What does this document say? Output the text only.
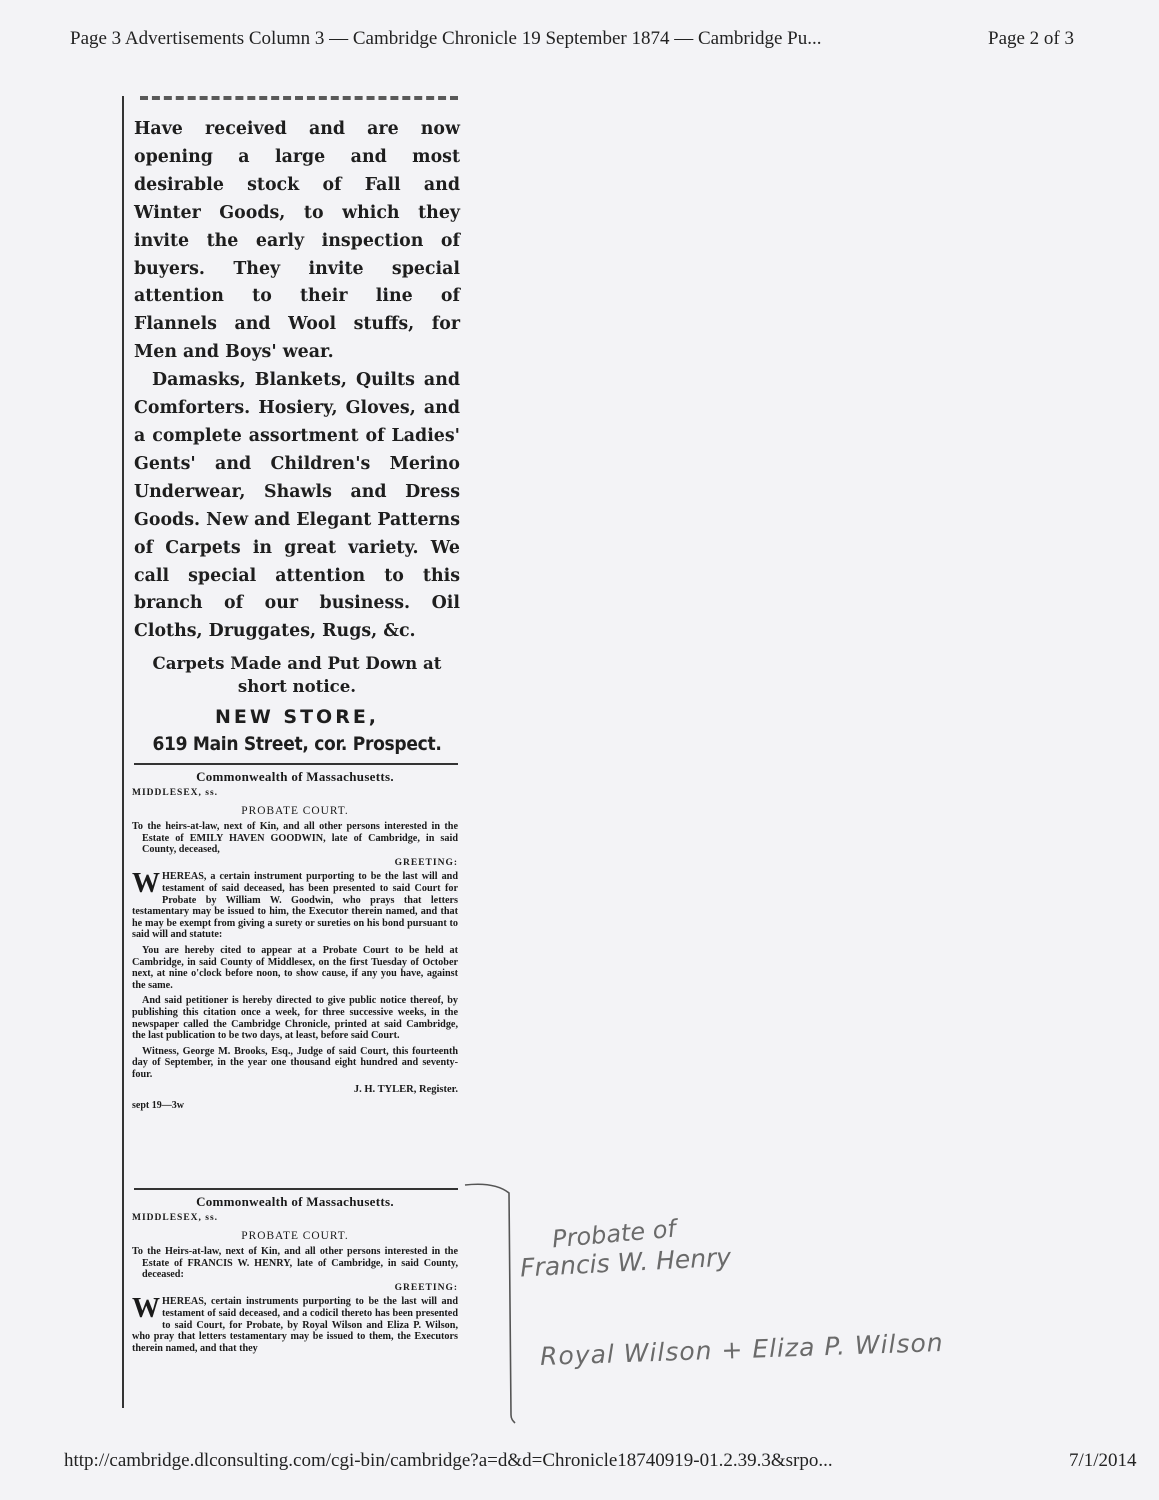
Page 3 Advertisements Column 3 — Cambridge Chronicle 19 September 1874 — Cambridge Pu...	Page 2 of 3

Have received and are now opening a large and most desirable stock of Fall and Winter Goods, to which they invite the early inspection of buyers. They invite special attention to their line of Flannels and Wool stuffs, for Men and Boys' wear.

Damasks, Blankets, Quilts and Comforters. Hosiery, Gloves, and a complete assortment of Ladies' Gents' and Children's Merino Underwear, Shawls and Dress Goods. New and Elegant Patterns of Carpets in great variety. We call special attention to this branch of our business. Oil Cloths, Druggates, Rugs, &c.

Carpets Made and Put Down at

short notice.

NEW STORE,

619 Main Street, cor. Prospect.

Commonwealth of Massachusetts.

MIDDLESEX, ss.

PROBATE COURT.

To the heirs-at-law, next of Kin, and all other persons interested in the Estate of EMILY HAVEN GOODWIN, late of Cambridge, in said County, deceased,

GREETING:

WHEREAS, a certain instrument purporting to be the last will and testament of said deceased, has been presented to said Court for Probate by William W. Goodwin, who prays that letters testamentary may be issued to him, the Executor therein named, and that he may be exempt from giving a surety or sureties on his bond pursuant to said will and statute:

You are hereby cited to appear at a Probate Court to be held at Cambridge, in said County of Middlesex, on the first Tuesday of October next, at nine o'clock before noon, to show cause, if any you have, against the same.

And said petitioner is hereby directed to give public notice thereof, by publishing this citation once a week, for three successive weeks, in the newspaper called the Cambridge Chronicle, printed at said Cambridge, the last publication to be two days, at least, before said Court.

Witness, George M. Brooks, Esq., Judge of said Court, this fourteenth day of September, in the year one thousand eight hundred and seventy-four.

J. H. TYLER, Register.

sept 19—3w

Commonwealth of Massachusetts.

MIDDLESEX, ss.

PROBATE COURT.

To the Heirs-at-law, next of Kin, and all other persons interested in the Estate of FRANCIS W. HENRY, late of Cambridge, in said County, deceased:

GREETING:

WHEREAS, certain instruments purporting to be the last will and testament of said deceased, and a codicil thereto has been presented to said Court, for Probate, by Royal Wilson and Eliza P. Wilson, who pray that letters testamentary may be issued to them, the Executors therein named, and that they

Probate of
Francis W. Henry
Royal Wilson + Eliza P. Wilson
http://cambridge.dlconsulting.com/cgi-bin/cambridge?a=d&d=Chronicle18740919-01.2.39.3&srpo...	7/1/2014
